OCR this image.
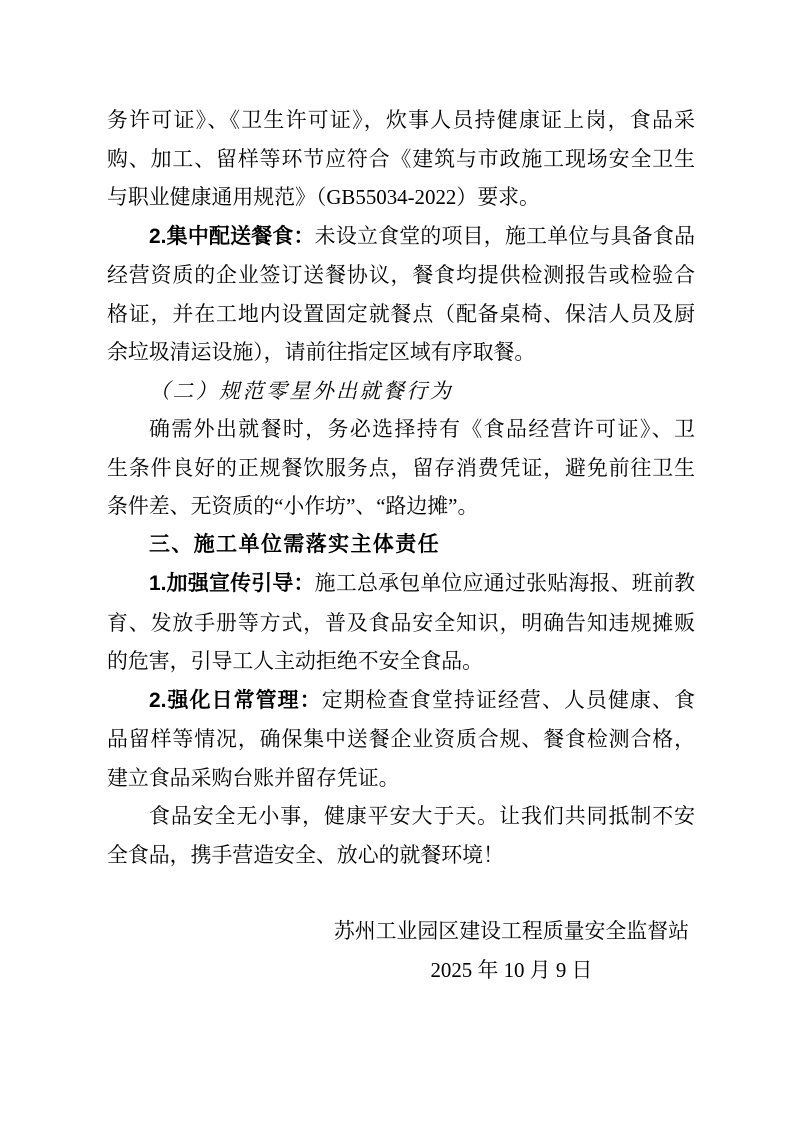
务许可证》、《卫生许可证》，炊事人员持健康证上岗，食品采
购、加工、留样等环节应符合《建筑与市政施工现场安全卫生
与职业健康通用规范》（GB55034-2022）要求。
2.集中配送餐食：未设立食堂的项目，施工单位与具备食品
经营资质的企业签订送餐协议，餐食均提供检测报告或检验合
格证，并在工地内设置固定就餐点（配备桌椅、保洁人员及厨
余垃圾清运设施），请前往指定区域有序取餐。
（二）规范零星外出就餐行为
确需外出就餐时，务必选择持有《食品经营许可证》、卫
生条件良好的正规餐饮服务点，留存消费凭证，避免前往卫生
条件差、无资质的“小作坊”、“路边摊”。
三、施工单位需落实主体责任
1.加强宣传引导：施工总承包单位应通过张贴海报、班前教
育、发放手册等方式，普及食品安全知识，明确告知违规摊贩
的危害，引导工人主动拒绝不安全食品。
2.强化日常管理：定期检查食堂持证经营、人员健康、食
品留样等情况，确保集中送餐企业资质合规、餐食检测合格，
建立食品采购台账并留存凭证。
食品安全无小事，健康平安大于天。让我们共同抵制不安
全食品，携手营造安全、放心的就餐环境！
苏州工业园区建设工程质量安全监督站
2025 年 10 月 9 日
